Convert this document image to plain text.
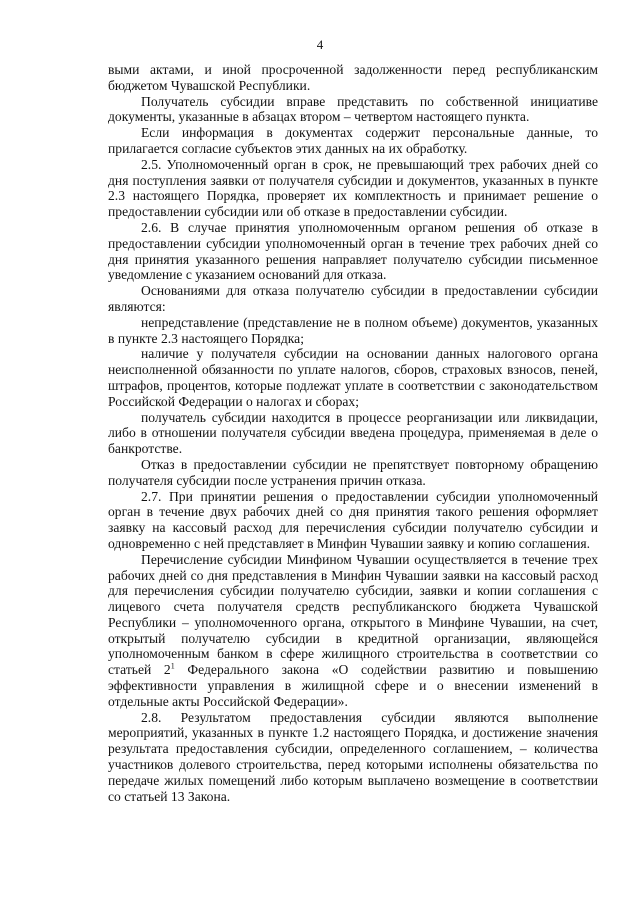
4

выми актами, и иной просроченной задолженности перед республиканским бюджетом Чувашской Республики.

Получатель субсидии вправе представить по собственной инициативе документы, указанные в абзацах втором – четвертом настоящего пункта.

Если информация в документах содержит персональные данные, то прилагается согласие субъектов этих данных на их обработку.

2.5. Уполномоченный орган в срок, не превышающий трех рабочих дней со дня поступления заявки от получателя субсидии и документов, указанных в пункте 2.3 настоящего Порядка, проверяет их комплектность и принимает решение о предоставлении субсидии или об отказе в предоставлении субсидии.

2.6. В случае принятия уполномоченным органом решения об отказе в предоставлении субсидии уполномоченный орган в течение трех рабочих дней со дня принятия указанного решения направляет получателю субсидии письменное уведомление с указанием оснований для отказа.

Основаниями для отказа получателю субсидии в предоставлении субсидии являются:

непредставление (представление не в полном объеме) документов, указанных в пункте 2.3 настоящего Порядка;

наличие у получателя субсидии на основании данных налогового органа неисполненной обязанности по уплате налогов, сборов, страховых взносов, пеней, штрафов, процентов, которые подлежат уплате в соответствии с законодательством Российской Федерации о налогах и сборах;

получатель субсидии находится в процессе реорганизации или ликвидации, либо в отношении получателя субсидии введена процедура, применяемая в деле о банкротстве.

Отказ в предоставлении субсидии не препятствует повторному обращению получателя субсидии после устранения причин отказа.

2.7. При принятии решения о предоставлении субсидии уполномоченный орган в течение двух рабочих дней со дня принятия такого решения оформляет заявку на кассовый расход для перечисления субсидии получателю субсидии и одновременно с ней представляет в Минфин Чувашии заявку и копию соглашения.

Перечисление субсидии Минфином Чувашии осуществляется в течение трех рабочих дней со дня представления в Минфин Чувашии заявки на кассовый расход для перечисления субсидии получателю субсидии, заявки и копии соглашения с лицевого счета получателя средств республиканского бюджета Чувашской Республики – уполномоченного органа, открытого в Минфине Чувашии, на счет, открытый получателю субсидии в кредитной организации, являющейся уполномоченным банком в сфере жилищного строительства в соответствии со статьей $2^1$ Федерального закона «О содействии развитию и повышению эффективности управления в жилищной сфере и о внесении изменений в отдельные акты Российской Федерации».

2.8. Результатом предоставления субсидии являются выполнение мероприятий, указанных в пункте 1.2 настоящего Порядка, и достижение значения результата предоставления субсидии, определенного соглашением, – количества участников долевого строительства, перед которыми исполнены обязательства по передаче жилых помещений либо которым выплачено возмещение в соответствии со статьей 13 Закона.
